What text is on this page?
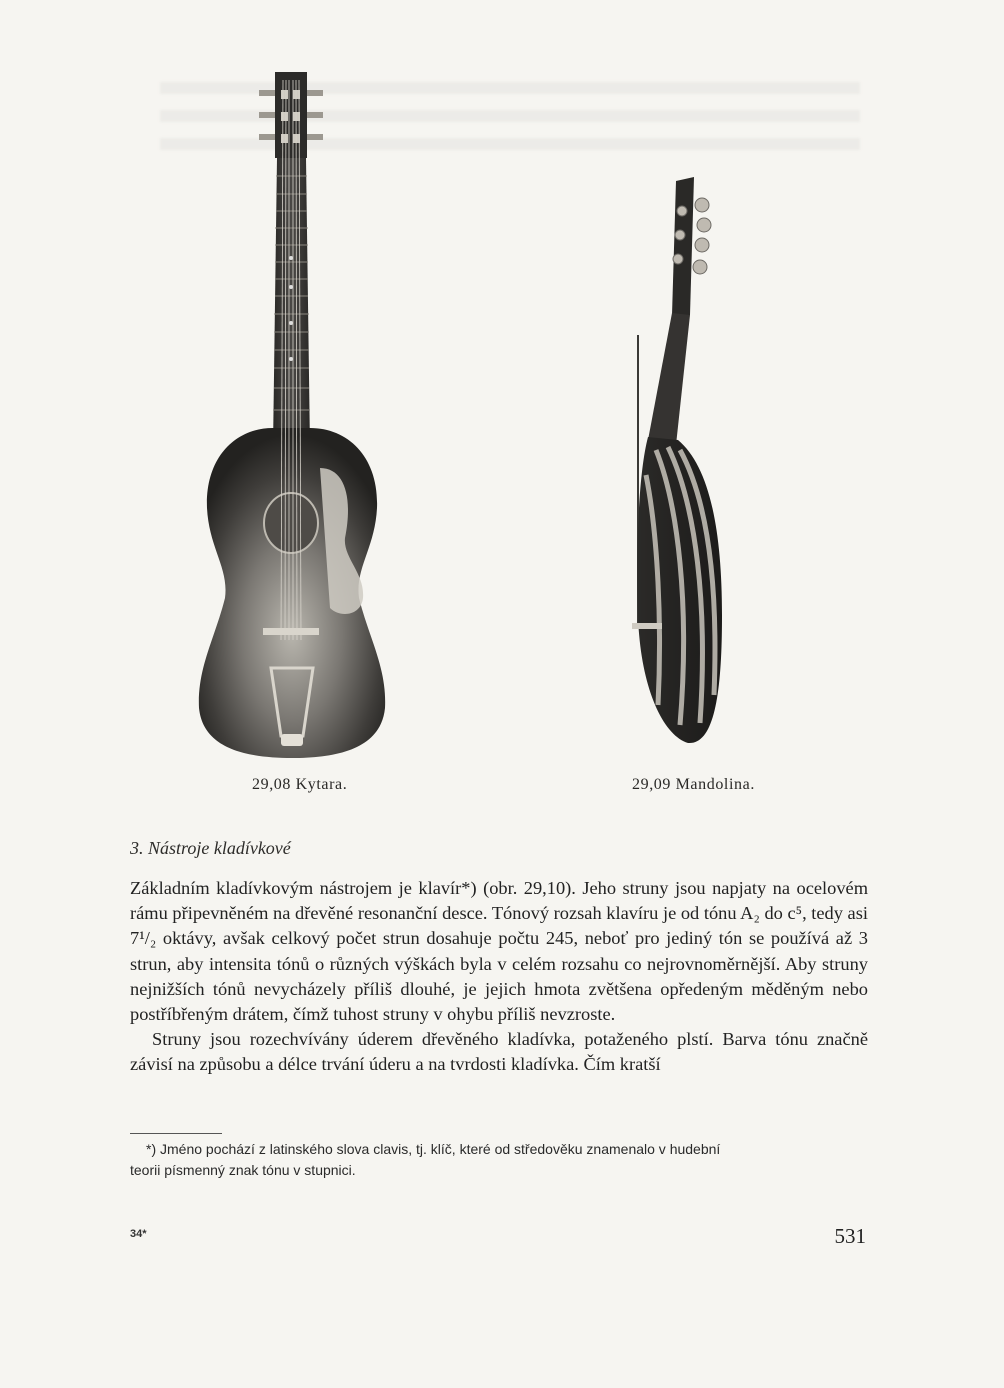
29,08 Kytara.	29,09 Mandolina.
3. Nástroje kladívkové

Základním kladívkovým nástrojem je klavír*) (obr. 29,10). Jeho struny jsou napjaty na ocelovém rámu připevněném na dřevěné resonanční desce. Tónový rozsah klavíru je od tónu A₂ do c⁵, tedy asi 7¹/₂ oktávy, avšak celkový počet strun dosahuje počtu 245, neboť pro jediný tón se používá až 3 strun, aby intensita tónů o různých výškách byla v celém rozsahu co nejrovnoměrnější. Aby struny nejnižších tónů nevycházely příliš dlouhé, je jejich hmota zvětšena opředeným měděným nebo postříbřeným drátem, čímž tuhost struny v ohybu příliš nevzroste.

Struny jsou rozechvívány úderem dřevěného kladívka, potaženého plstí. Barva tónu značně závisí na způsobu a délce trvání úderu a na tvrdosti kladívka. Čím kratší

*) Jméno pochází z latinského slova clavis, tj. klíč, které od středověku znamenalo v hudební
teorii písmenný znak tónu v stupnici.
34*	531
